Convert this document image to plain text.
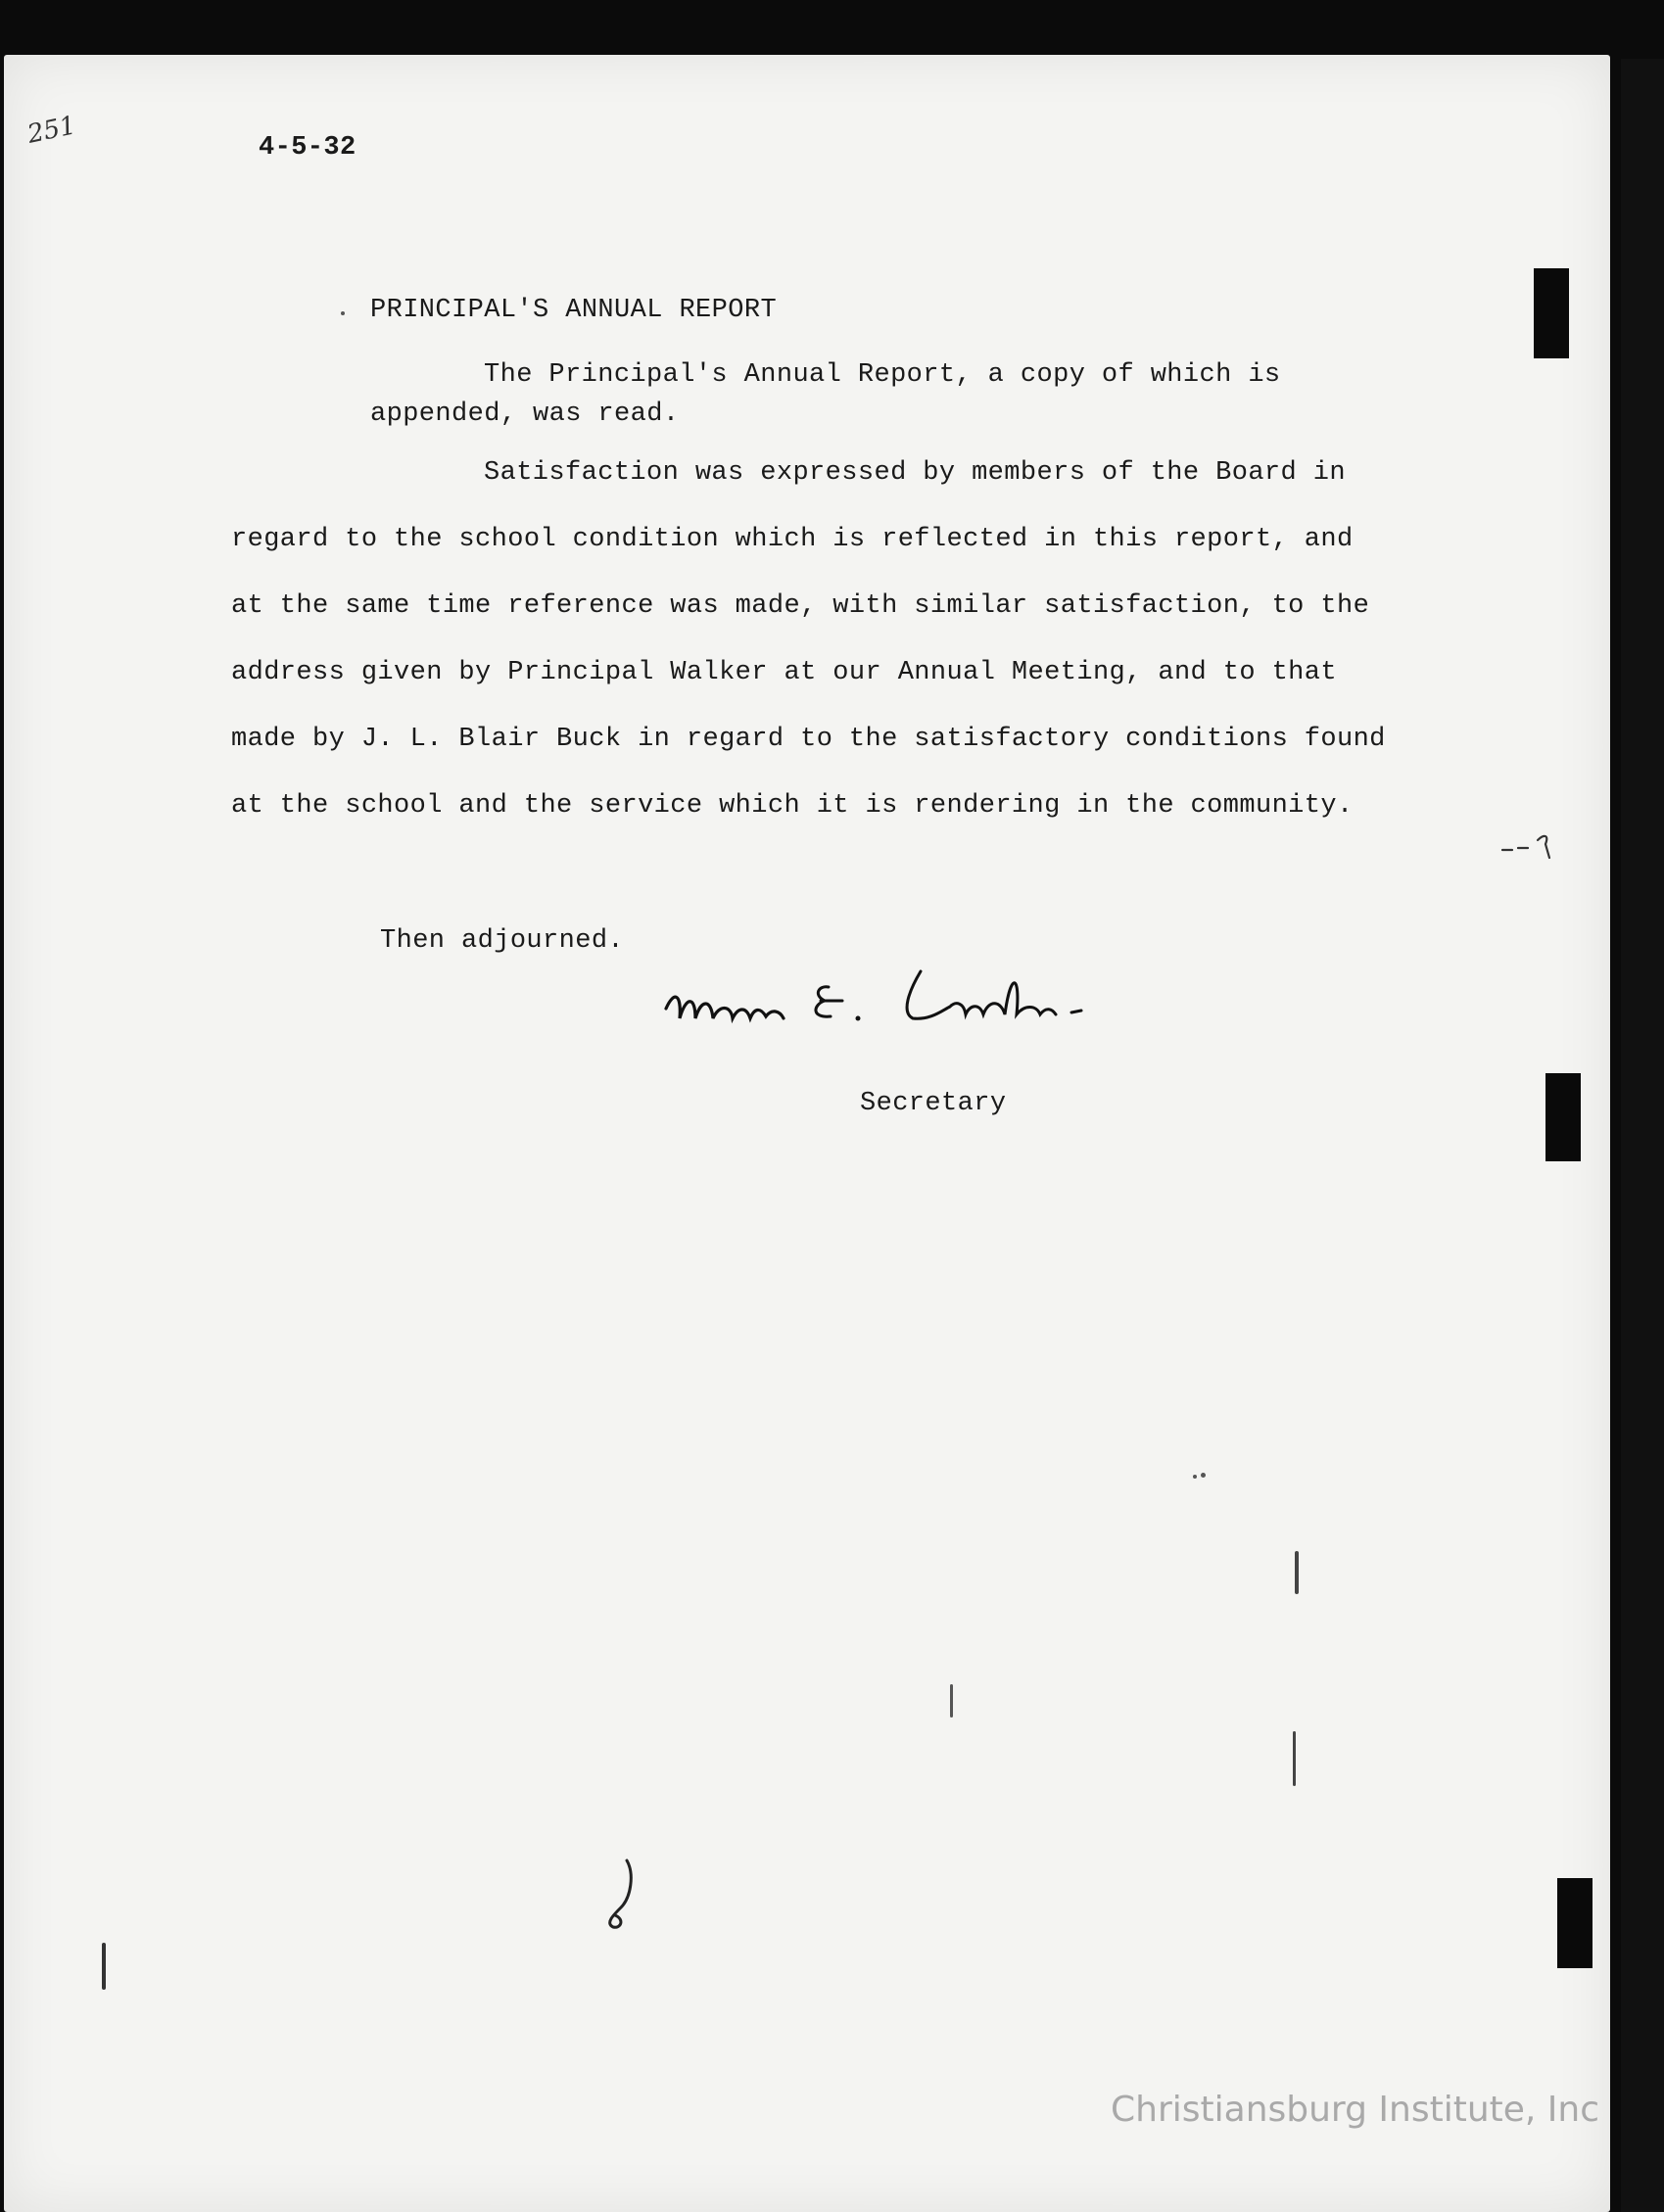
251	4-5-32
PRINCIPAL'S ANNUAL REPORT
The Principal's Annual Report, a copy of which is
appended, was read.
Satisfaction was expressed by members of the Board in
regard to the school condition which is reflected in this report, and
at the same time reference was made, with similar satisfaction, to the
address given by Principal Walker at our Annual Meeting, and to that
made by J. L. Blair Buck in regard to the satisfactory conditions found
at the school and the service which it is rendering in the community.
Then adjourned.
Secretary
Christiansburg Institute, Inc
